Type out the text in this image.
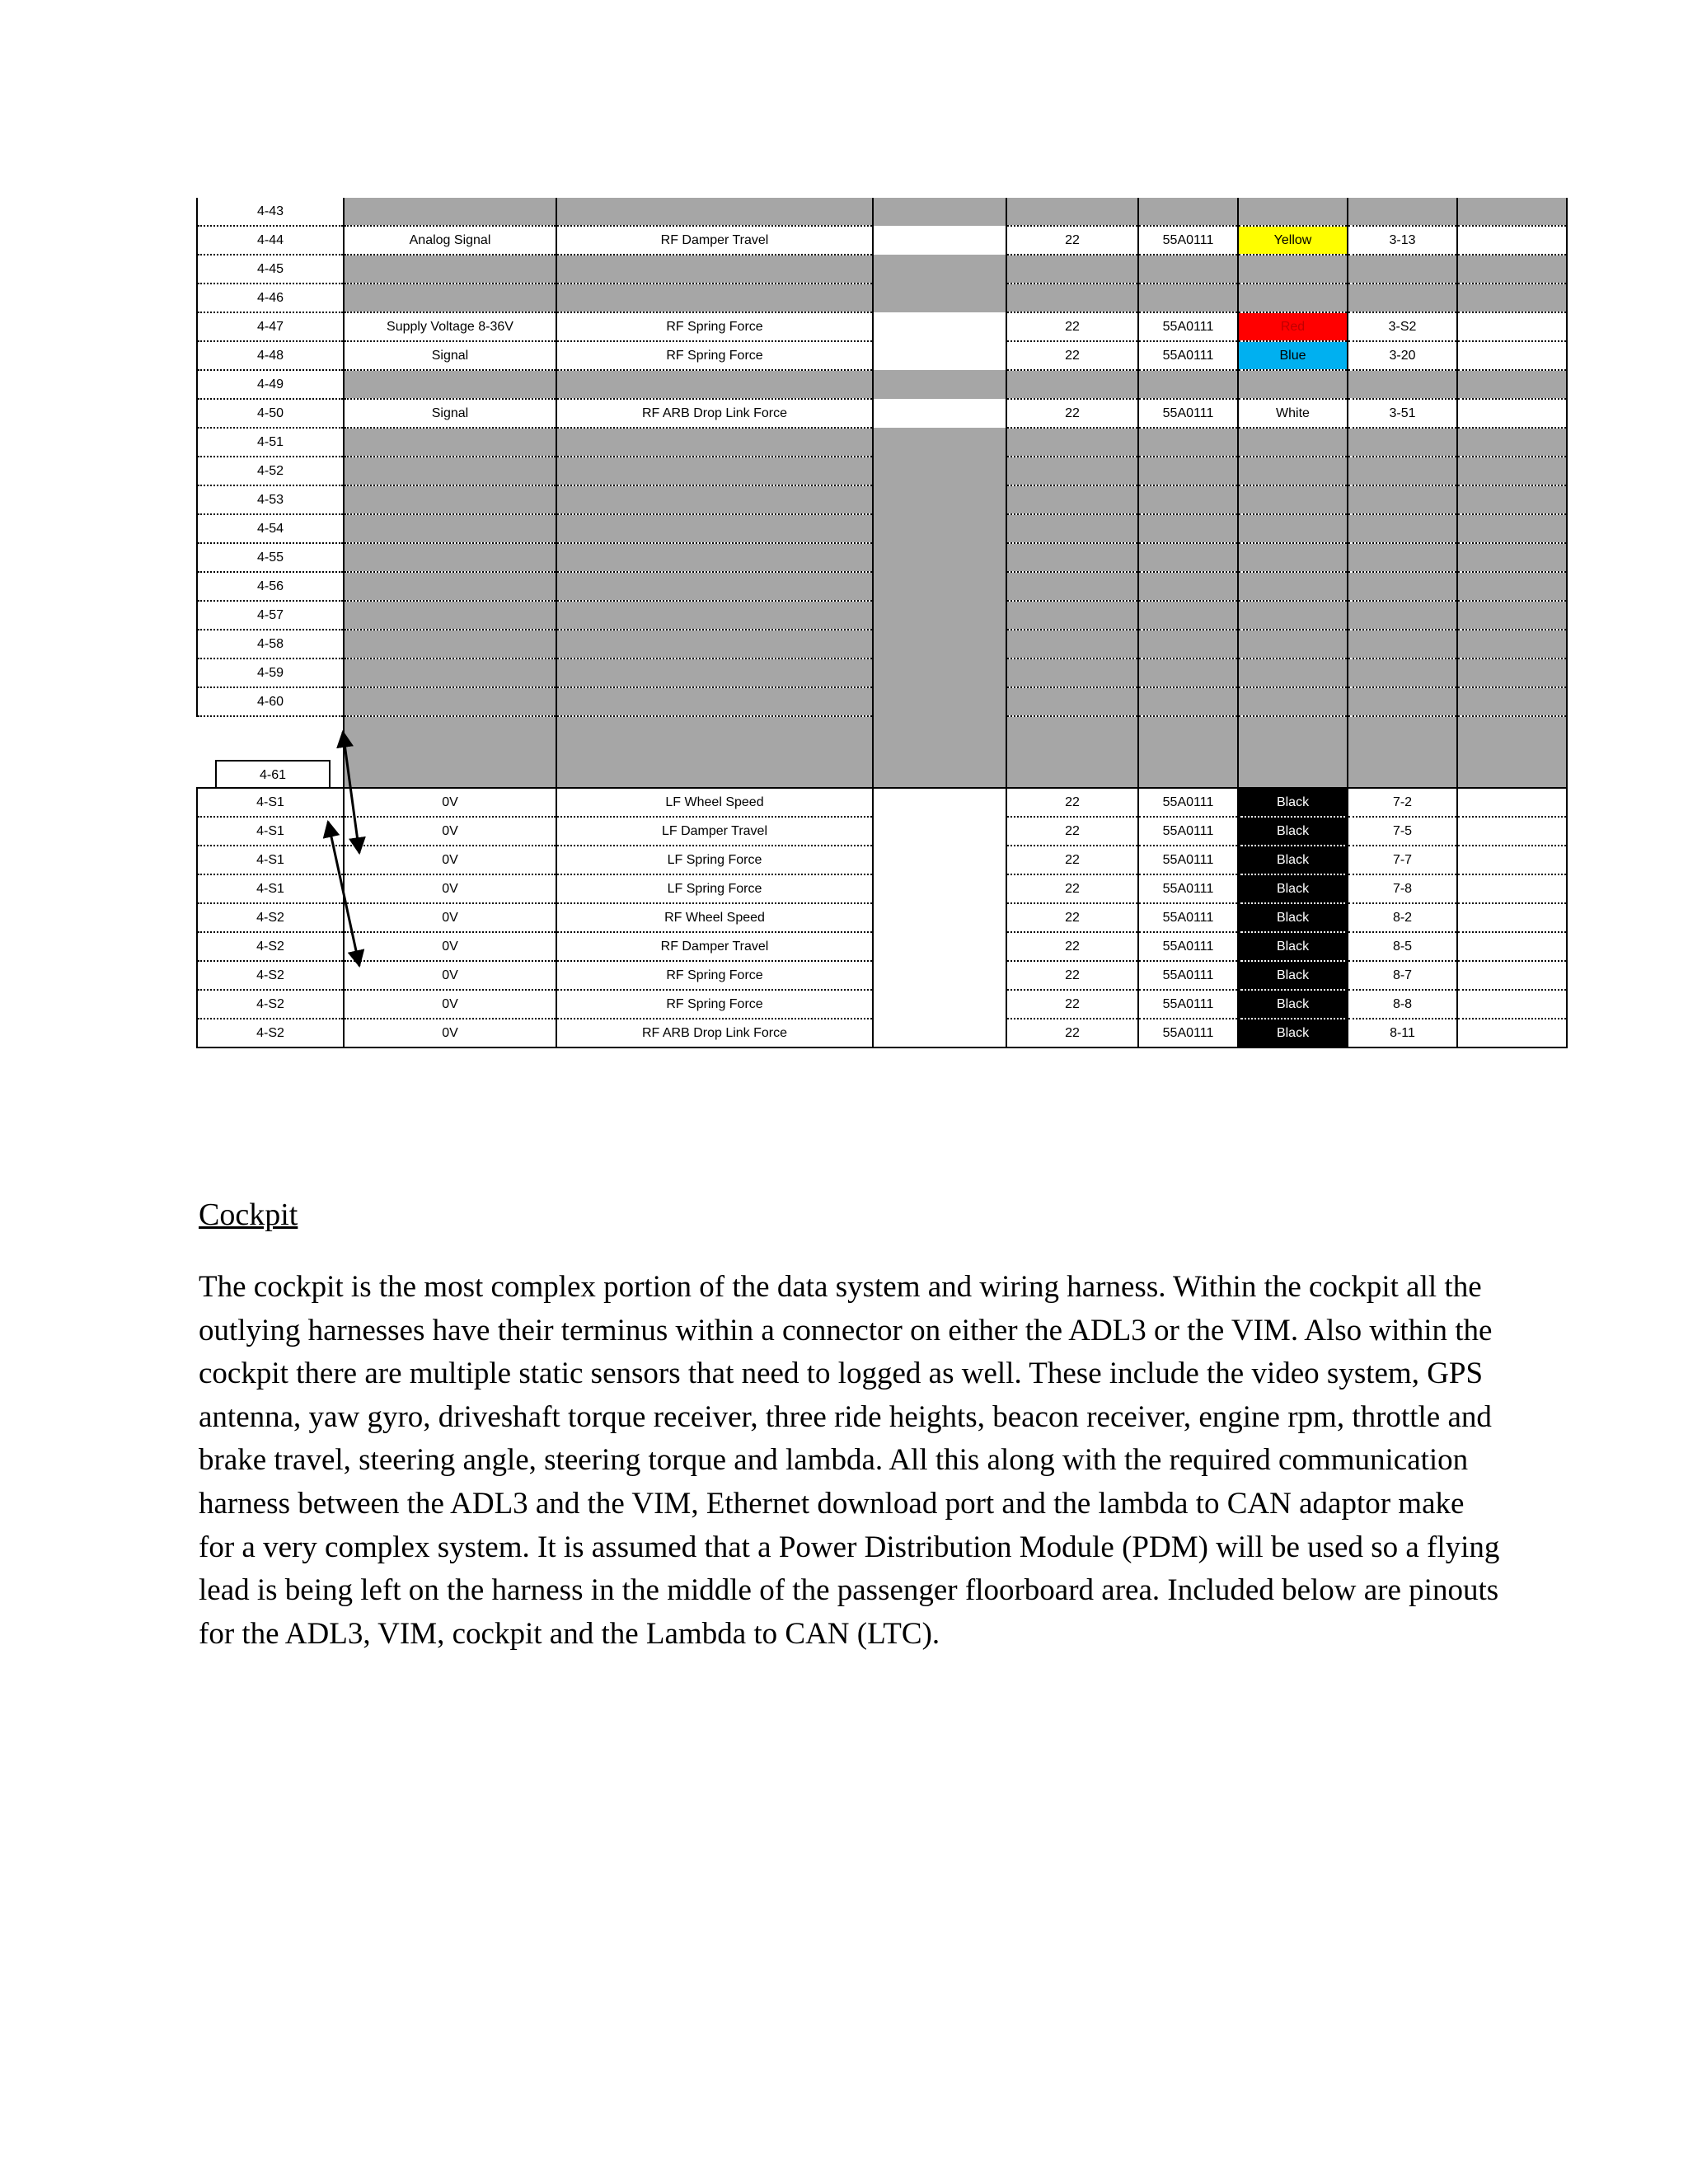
4-43								
4-44	Analog Signal	RF Damper Travel		22	55A0111	Yellow	3-13	
4-45								
4-46								
4-47	Supply Voltage 8-36V	RF Spring Force		22	55A0111	Red	3-S2	
4-48	Signal	RF Spring Force		22	55A0111	Blue	3-20	
4-49								
4-50	Signal	RF ARB Drop Link Force		22	55A0111	White	3-51	
4-51								
4-52								
4-53								
4-54								
4-55								
4-56								
4-57								
4-58								
4-59								
4-60								
4-61								
4-S1	0V	LF Wheel Speed		22	55A0111	Black	7-2	
4-S1	0V	LF Damper Travel		22	55A0111	Black	7-5	
4-S1	0V	LF Spring Force		22	55A0111	Black	7-7	
4-S1	0V	LF Spring Force		22	55A0111	Black	7-8	
4-S2	0V	RF Wheel Speed		22	55A0111	Black	8-2	
4-S2	0V	RF Damper Travel		22	55A0111	Black	8-5	
4-S2	0V	RF Spring Force		22	55A0111	Black	8-7	
4-S2	0V	RF Spring Force		22	55A0111	Black	8-8	
4-S2	0V	RF ARB Drop Link Force		22	55A0111	Black	8-11	
Cockpit

The cockpit is the most complex portion of the data system and wiring harness. Within the cockpit all the outlying harnesses have their terminus within a connector on either the ADL3 or the VIM. Also within the cockpit there are multiple static sensors that need to logged as well. These include the video system, GPS antenna, yaw gyro, driveshaft torque receiver, three ride heights, beacon receiver, engine rpm, throttle and brake travel, steering angle, steering torque and lambda. All this along with the required communication harness between the ADL3 and the VIM, Ethernet download port and the lambda to CAN adaptor make for a very complex system. It is assumed that a Power Distribution Module (PDM) will be used so a flying lead is being left on the harness in the middle of the passenger floorboard area. Included below are pinouts for the ADL3, VIM, cockpit and the Lambda to CAN (LTC).
